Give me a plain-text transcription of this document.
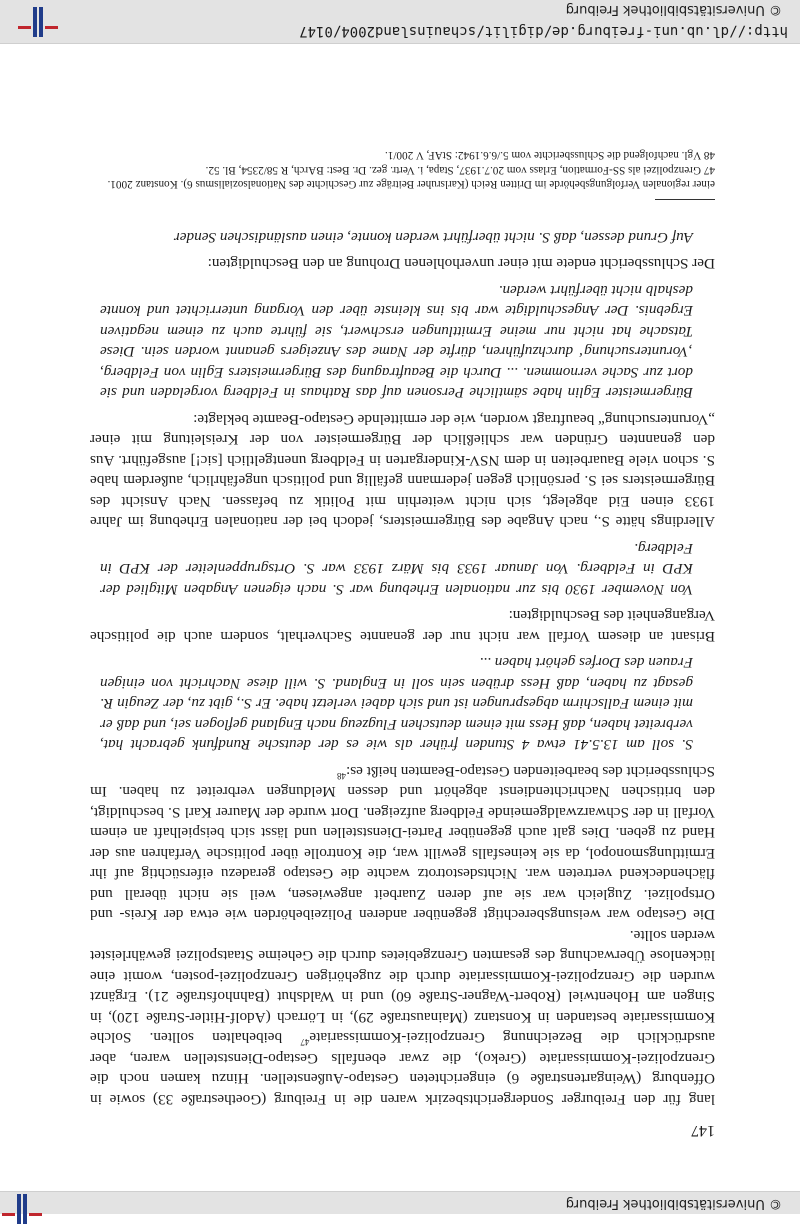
© Universitätsbibliothek Freiburg
147

lang für den Freiburger Sondergerichtsbezirk waren die in Freiburg (Goethestraße 33) sowie in Offenburg (Weingartenstraße 6) eingerichteten Gestapo-Außenstellen. Hinzu kamen noch die Grenzpolizei-Kommissariate (Greko), die zwar ebenfalls Gestapo-Dienststellen waren, aber ausdrücklich die Bezeichnung Grenzpolizei-Kommissariate$^{47}$ beibehalten sollten. Solche Kommissariate bestanden in Konstanz (Mainaustraße 29), in Lörrach (Adolf-Hitler-Straße 120), in Singen am Hohentwiel (Robert-Wagner-Straße 60) und in Waldshut (Bahnhofstraße 21). Ergänzt wurden die Grenzpolizei-Kommissariate durch die zugehörigen Grenzpolizei-posten, womit eine lückenlose Überwachung des gesamten Grenzgebietes durch die Geheime Staatspolizei gewährleistet werden sollte.

Die Gestapo war weisungsberechtigt gegenüber anderen Polizeibehörden wie etwa der Kreis- und Ortspolizei. Zugleich war sie auf deren Zuarbeit angewiesen, weil sie nicht überall und flächendeckend vertreten war. Nichtsdestotrotz wachte die Gestapo geradezu eifersüchtig auf ihr Ermittlungsmonopol, da sie keinesfalls gewillt war, die Kontrolle über politische Verfahren aus der Hand zu geben. Dies galt auch gegenüber Partei-Dienststellen und lässt sich beispielhaft an einem Vorfall in der Schwarzwaldgemeinde Feldberg aufzeigen. Dort wurde der Maurer Karl S. beschuldigt, den britischen Nachrichtendienst abgehört und dessen Meldungen verbreitet zu haben. Im Schlussbericht des bearbeitenden Gestapo-Beamten heißt es:$^{48}$

S. soll am 13.5.41 etwa 4 Stunden früher als wie es der deutsche Rundfunk gebracht hat, verbreitet haben, daß Hess mit einem deutschen Flugzeug nach England geflogen sei, und daß er mit einem Fallschirm abgesprungen ist und sich dabei verletzt habe. Er S., gibt zu, der Zeugin R. gesagt zu haben, daß Hess drüben sein soll in England. S. will diese Nachricht von einigen Frauen des Dorfes gehört haben ...

Brisant an diesem Vorfall war nicht nur der genannte Sachverhalt, sondern auch die politische Vergangenheit des Beschuldigten:

Von November 1930 bis zur nationalen Erhebung war S. nach eigenen Angaben Mitglied der KPD in Feldberg. Von Januar 1933 bis März 1933 war S. Ortsgruppenleiter der KPD in Feldberg.

Allerdings hätte S., nach Angabe des Bürgermeisters, jedoch bei der nationalen Erhebung im Jahre 1933 einen Eid abgelegt, sich nicht weiterhin mit Politik zu befassen. Nach Ansicht des Bürgermeisters sei S. persönlich gegen jedermann gefällig und politisch ungefährlich, außerdem habe S. schon viele Bauarbeiten in dem NSV-Kindergarten in Feldberg unentgeltlich [sic!] ausgeführt. Aus den genannten Gründen war schließlich der Bürgermeister von der Kreisleitung mit einer „Voruntersuchung“ beauftragt worden, wie der ermittelnde Gestapo-Beamte beklagte:

Bürgermeister Eglin habe sämtliche Personen auf das Rathaus in Feldberg vorgeladen und sie dort zur Sache vernommen. ... Durch die Beauftragung des Bürgermeisters Eglin von Feldberg, ‚Voruntersuchung‘ durchzuführen, dürfte der Name des Anzeigers genannt worden sein. Diese Tatsache hat nicht nur meine Ermittlungen erschwert, sie führte auch zu einem negativen Ergebnis. Der Angeschuldigte war bis ins kleinste über den Vorgang unterrichtet und konnte deshalb nicht überführt werden.

Der Schlussbericht endete mit einer unverhohlenen Drohung an den Beschuldigten:

Auf Grund dessen, daß S. nicht überführt werden konnte, einen ausländischen Sender

einer regionalen Verfolgungsbehörde im Dritten Reich (Karlsruher Beiträge zur Geschichte des Nationalsozialismus 6). Konstanz 2001.
47 Grenzpolizei als SS-Formation, Erlass vom 20.7.1937, Stapa, i. Vertr. gez. Dr. Best: BArch, R 58/2354, Bl. 52.
48 Vgl. nachfolgend die Schlussberichte vom 5./6.6.1942: StAF, V 200/1.
http://dl.ub.uni-freiburg.de/digilit/schauinsland2004/0147
© Universitätsbibliothek Freiburg
